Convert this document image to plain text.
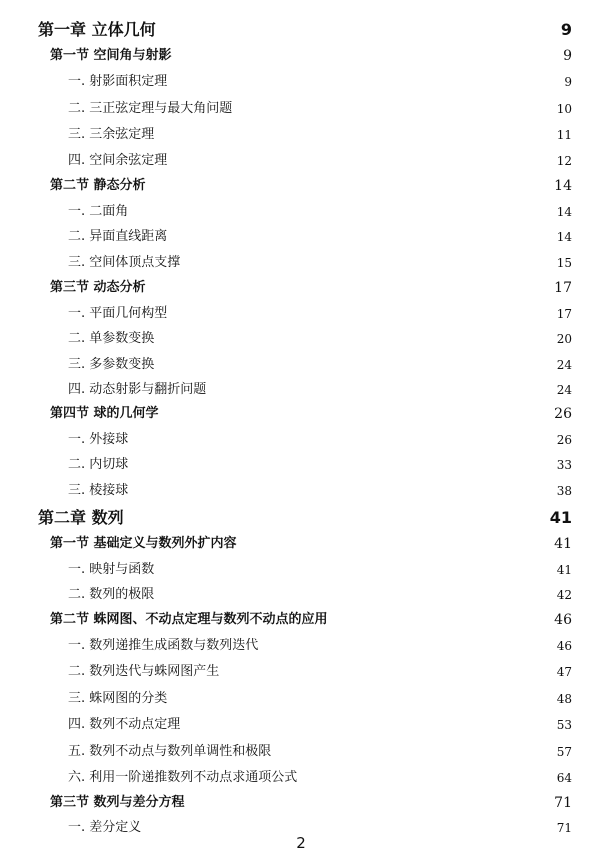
第一章 立体几何	9
第一节 空间角与射影	9
一. 射影面积定理	9
二. 三正弦定理与最大角问题	10
三. 三余弦定理	11
四. 空间余弦定理	12
第二节 静态分析	14
一. 二面角	14
二. 异面直线距离	14
三. 空间体顶点支撑	15
第三节 动态分析	17
一. 平面几何构型	17
二. 单参数变换	20
三. 多参数变换	24
四. 动态射影与翻折问题	24
第四节 球的几何学	26
一. 外接球	26
二. 内切球	33
三. 棱接球	38
第二章 数列	41
第一节 基础定义与数列外扩内容	41
一. 映射与函数	41
二. 数列的极限	42
第二节 蛛网图、不动点定理与数列不动点的应用	46
一. 数列递推生成函数与数列迭代	46
二. 数列迭代与蛛网图产生	47
三. 蛛网图的分类	48
四. 数列不动点定理	53
五. 数列不动点与数列单调性和极限	57
六. 利用一阶递推数列不动点求通项公式	64
第三节 数列与差分方程	71
一. 差分定义	71
2
